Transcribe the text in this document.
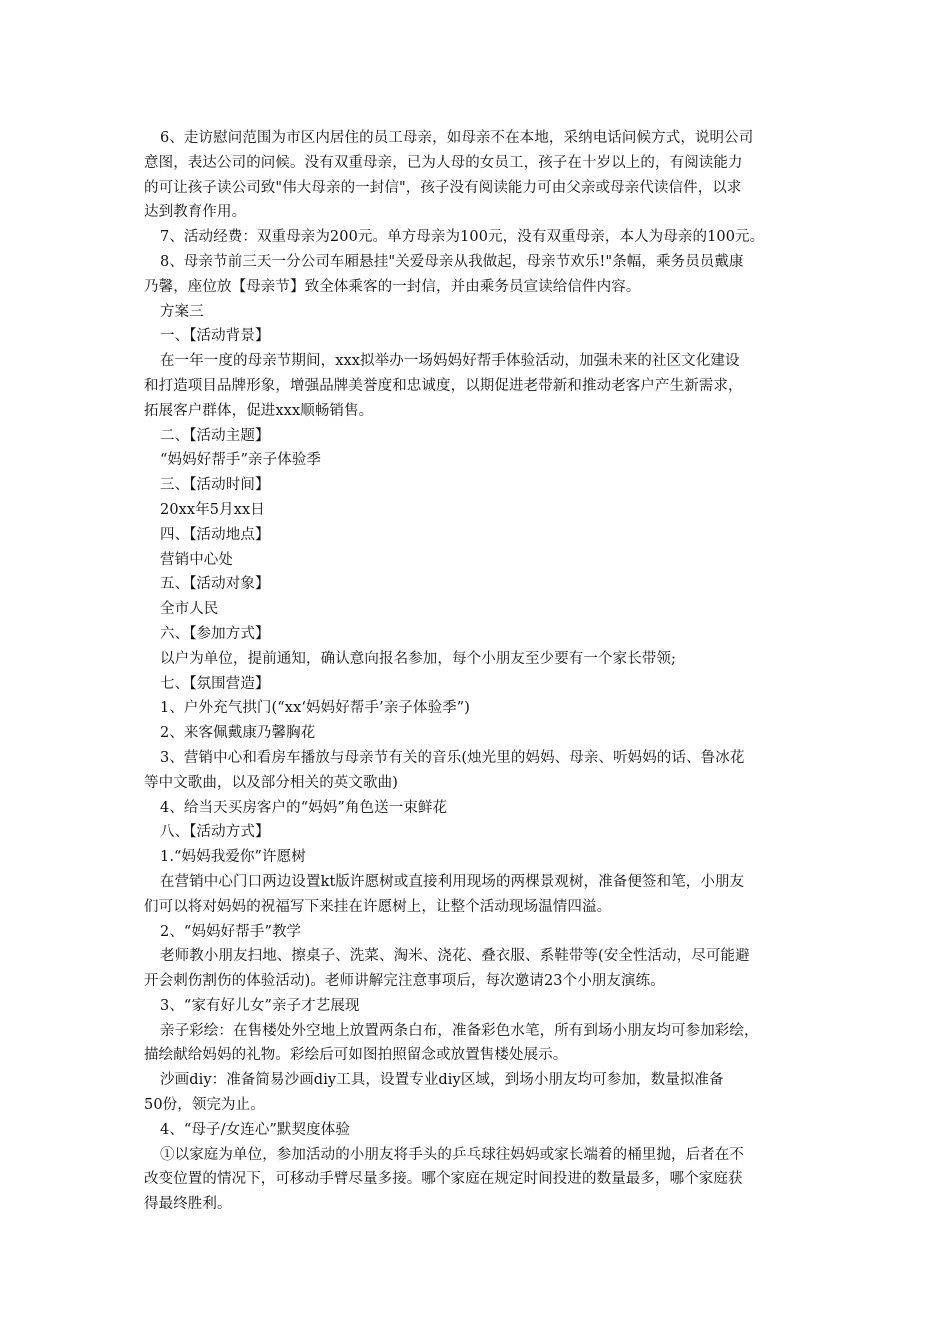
6、走访慰问范围为市区内居住的员工母亲，如母亲不在本地，采纳电话问候方式，说明公司
意图，表达公司的问候。没有双重母亲，已为人母的女员工，孩子在十岁以上的，有阅读能力
的可让孩子读公司致"伟大母亲的一封信"，孩子没有阅读能力可由父亲或母亲代读信件，以求
达到教育作用。
7、活动经费：双重母亲为200元。单方母亲为100元，没有双重母亲，本人为母亲的100元。
8、母亲节前三天一分公司车厢悬挂"关爱母亲从我做起，母亲节欢乐!"条幅，乘务员员戴康
乃馨，座位放【母亲节】致全体乘客的一封信，并由乘务员宣读给信件内容。
方案三
一、【活动背景】
在一年一度的母亲节期间，xxx拟举办一场妈妈好帮手体验活动，加强未来的社区文化建设
和打造项目品牌形象，增强品牌美誉度和忠诚度，以期促进老带新和推动老客户产生新需求，
拓展客户群体，促进xxx顺畅销售。
二、【活动主题】
“妈妈好帮手”亲子体验季
三、【活动时间】
20xx年5月xx日
四、【活动地点】
营销中心处
五、【活动对象】
全市人民
六、【参加方式】
以户为单位，提前通知，确认意向报名参加，每个小朋友至少要有一个家长带领;
七、【氛围营造】
1、户外充气拱门(“xx‘妈妈好帮手’亲子体验季”)
2、来客佩戴康乃馨胸花
3、营销中心和看房车播放与母亲节有关的音乐(烛光里的妈妈、母亲、听妈妈的话、鲁冰花
等中文歌曲，以及部分相关的英文歌曲)
4、给当天买房客户的“妈妈”角色送一束鲜花
八、【活动方式】
1.“妈妈我爱你”许愿树
在营销中心门口两边设置kt版许愿树或直接利用现场的两棵景观树，准备便签和笔，小朋友
们可以将对妈妈的祝福写下来挂在许愿树上，让整个活动现场温情四溢。
2、“妈妈好帮手”教学
老师教小朋友扫地、擦桌子、洗菜、淘米、浇花、叠衣服、系鞋带等(安全性活动，尽可能避
开会刺伤割伤的体验活动)。老师讲解完注意事项后，每次邀请23个小朋友演练。
3、“家有好儿女”亲子才艺展现
亲子彩绘：在售楼处外空地上放置两条白布，准备彩色水笔，所有到场小朋友均可参加彩绘，
描绘献给妈妈的礼物。彩绘后可如图拍照留念或放置售楼处展示。
沙画diy：准备简易沙画diy工具，设置专业diy区域，到场小朋友均可参加，数量拟准备
50份，领完为止。
4、“母子/女连心”默契度体验
①以家庭为单位，参加活动的小朋友将手头的乒乓球往妈妈或家长端着的桶里抛，后者在不
改变位置的情况下，可移动手臂尽量多接。哪个家庭在规定时间投进的数量最多，哪个家庭获
得最终胜利。
